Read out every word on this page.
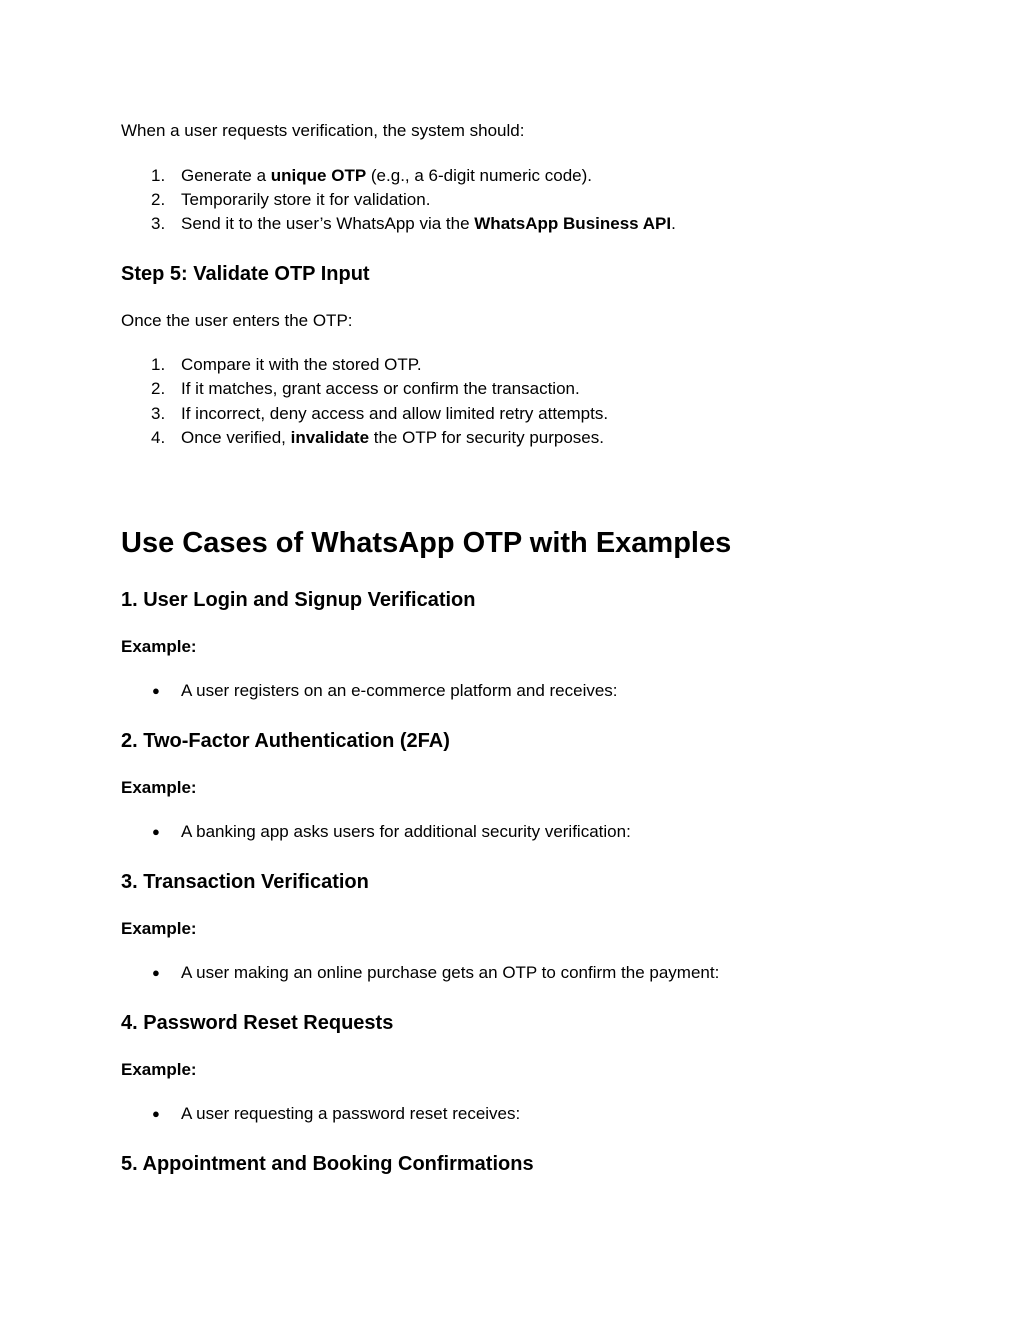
When a user requests verification, the system should:
1. Generate a unique OTP (e.g., a 6-digit numeric code).
2. Temporarily store it for validation.
3. Send it to the user’s WhatsApp via the WhatsApp Business API.
Step 5: Validate OTP Input
Once the user enters the OTP:
1. Compare it with the stored OTP.
2. If it matches, grant access or confirm the transaction.
3. If incorrect, deny access and allow limited retry attempts.
4. Once verified, invalidate the OTP for security purposes.
Use Cases of WhatsApp OTP with Examples
1. User Login and Signup Verification
Example:
● A user registers on an e-commerce platform and receives:
2. Two-Factor Authentication (2FA)
Example:
● A banking app asks users for additional security verification:
3. Transaction Verification
Example:
● A user making an online purchase gets an OTP to confirm the payment:
4. Password Reset Requests
Example:
● A user requesting a password reset receives:
5. Appointment and Booking Confirmations
